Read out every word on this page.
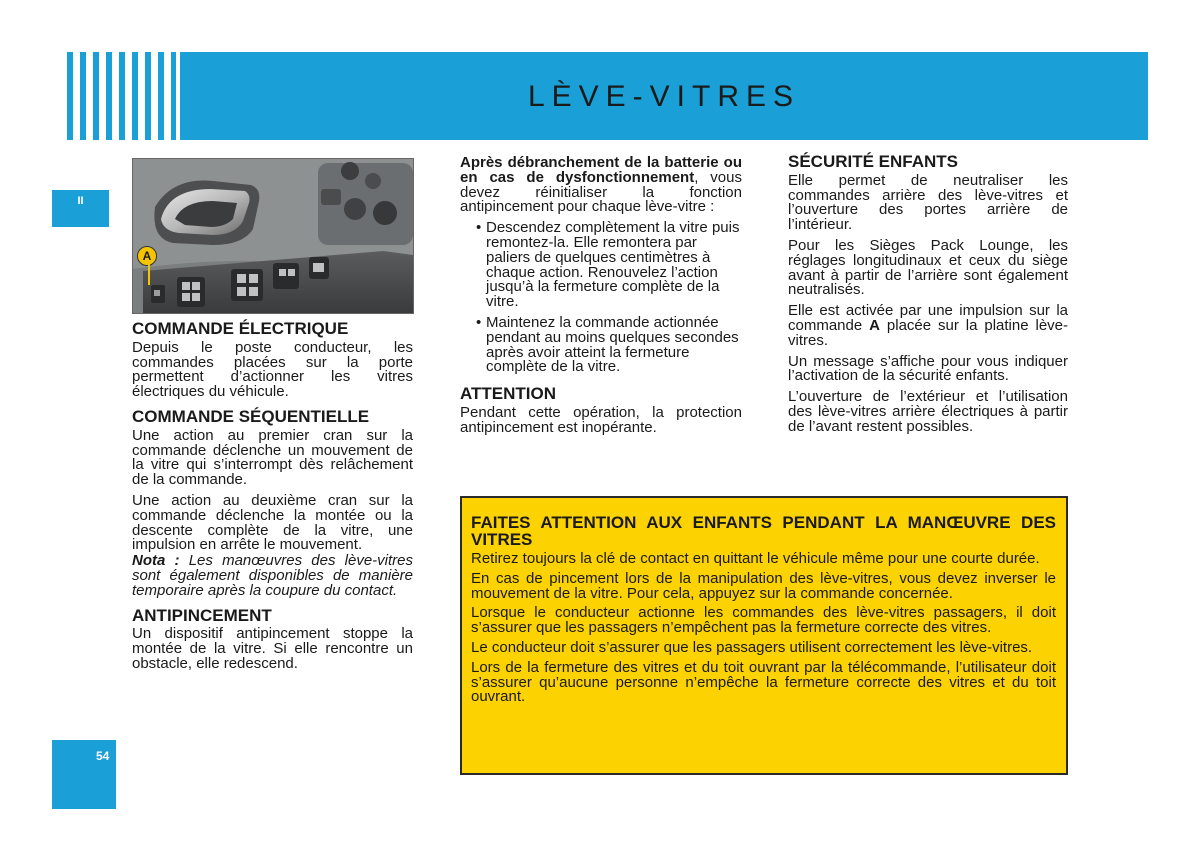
LÈVE-VITRES
II
54
A
COMMANDE ÉLECTRIQUE

Depuis le poste conducteur, les commandes placées sur la porte permettent d’actionner les vitres électriques du véhicule.

COMMANDE SÉQUENTIELLE

Une action au premier cran sur la commande déclenche un mouvement de la vitre qui s’interrompt dès relâchement de la commande.

Une action au deuxième cran sur la commande déclenche la montée ou la descente complète de la vitre, une impulsion en arrête le mouvement.

Nota : Les manœuvres des lève-vitres sont également disponibles de manière temporaire après la coupure du contact.

ANTIPINCEMENT

Un dispositif antipincement stoppe la montée de la vitre. Si elle rencontre un obstacle, elle redescend.

Après débranchement de la batterie ou en cas de dysfonctionnement, vous devez réinitialiser la fonction antipincement pour chaque lève-vitre :

• Descendez complètement la vitre puis remontez-la. Elle remontera par paliers de quelques centimètres à chaque action. Renouvelez l’action jusqu’à la fermeture complète de la vitre.
• Maintenez la commande actionnée pendant au moins quelques secondes après avoir atteint la fermeture complète de la vitre.
ATTENTION

Pendant cette opération, la protection antipincement est inopérante.

SÉCURITÉ ENFANTS

Elle permet de neutraliser les commandes arrière des lève-vitres et l’ouverture des portes arrière de l’intérieur.

Pour les Sièges Pack Lounge, les réglages longitudinaux et ceux du siège avant à partir de l’arrière sont également neutralisés.

Elle est activée par une impulsion sur la commande A placée sur la platine lève-vitres.

Un message s’affiche pour vous indiquer l’activation de la sécurité enfants.

L’ouverture de l’extérieur et l’utilisation des lève-vitres arrière électriques à partir de l’avant restent possibles.

FAITES ATTENTION AUX ENFANTS PENDANT LA MANŒUVRE DES VITRES

Retirez toujours la clé de contact en quittant le véhicule même pour une courte durée.

En cas de pincement lors de la manipulation des lève-vitres, vous devez inverser le mouvement de la vitre. Pour cela, appuyez sur la commande concernée.

Lorsque le conducteur actionne les commandes des lève-vitres passagers, il doit s’assurer que les passagers n’empêchent pas la fermeture correcte des vitres.

Le conducteur doit s’assurer que les passagers utilisent correctement les lève-vitres.

Lors de la fermeture des vitres et du toit ouvrant par la télécommande, l’utilisateur doit s’assurer qu’aucune personne n’empêche la fermeture correcte des vitres et du toit ouvrant.
